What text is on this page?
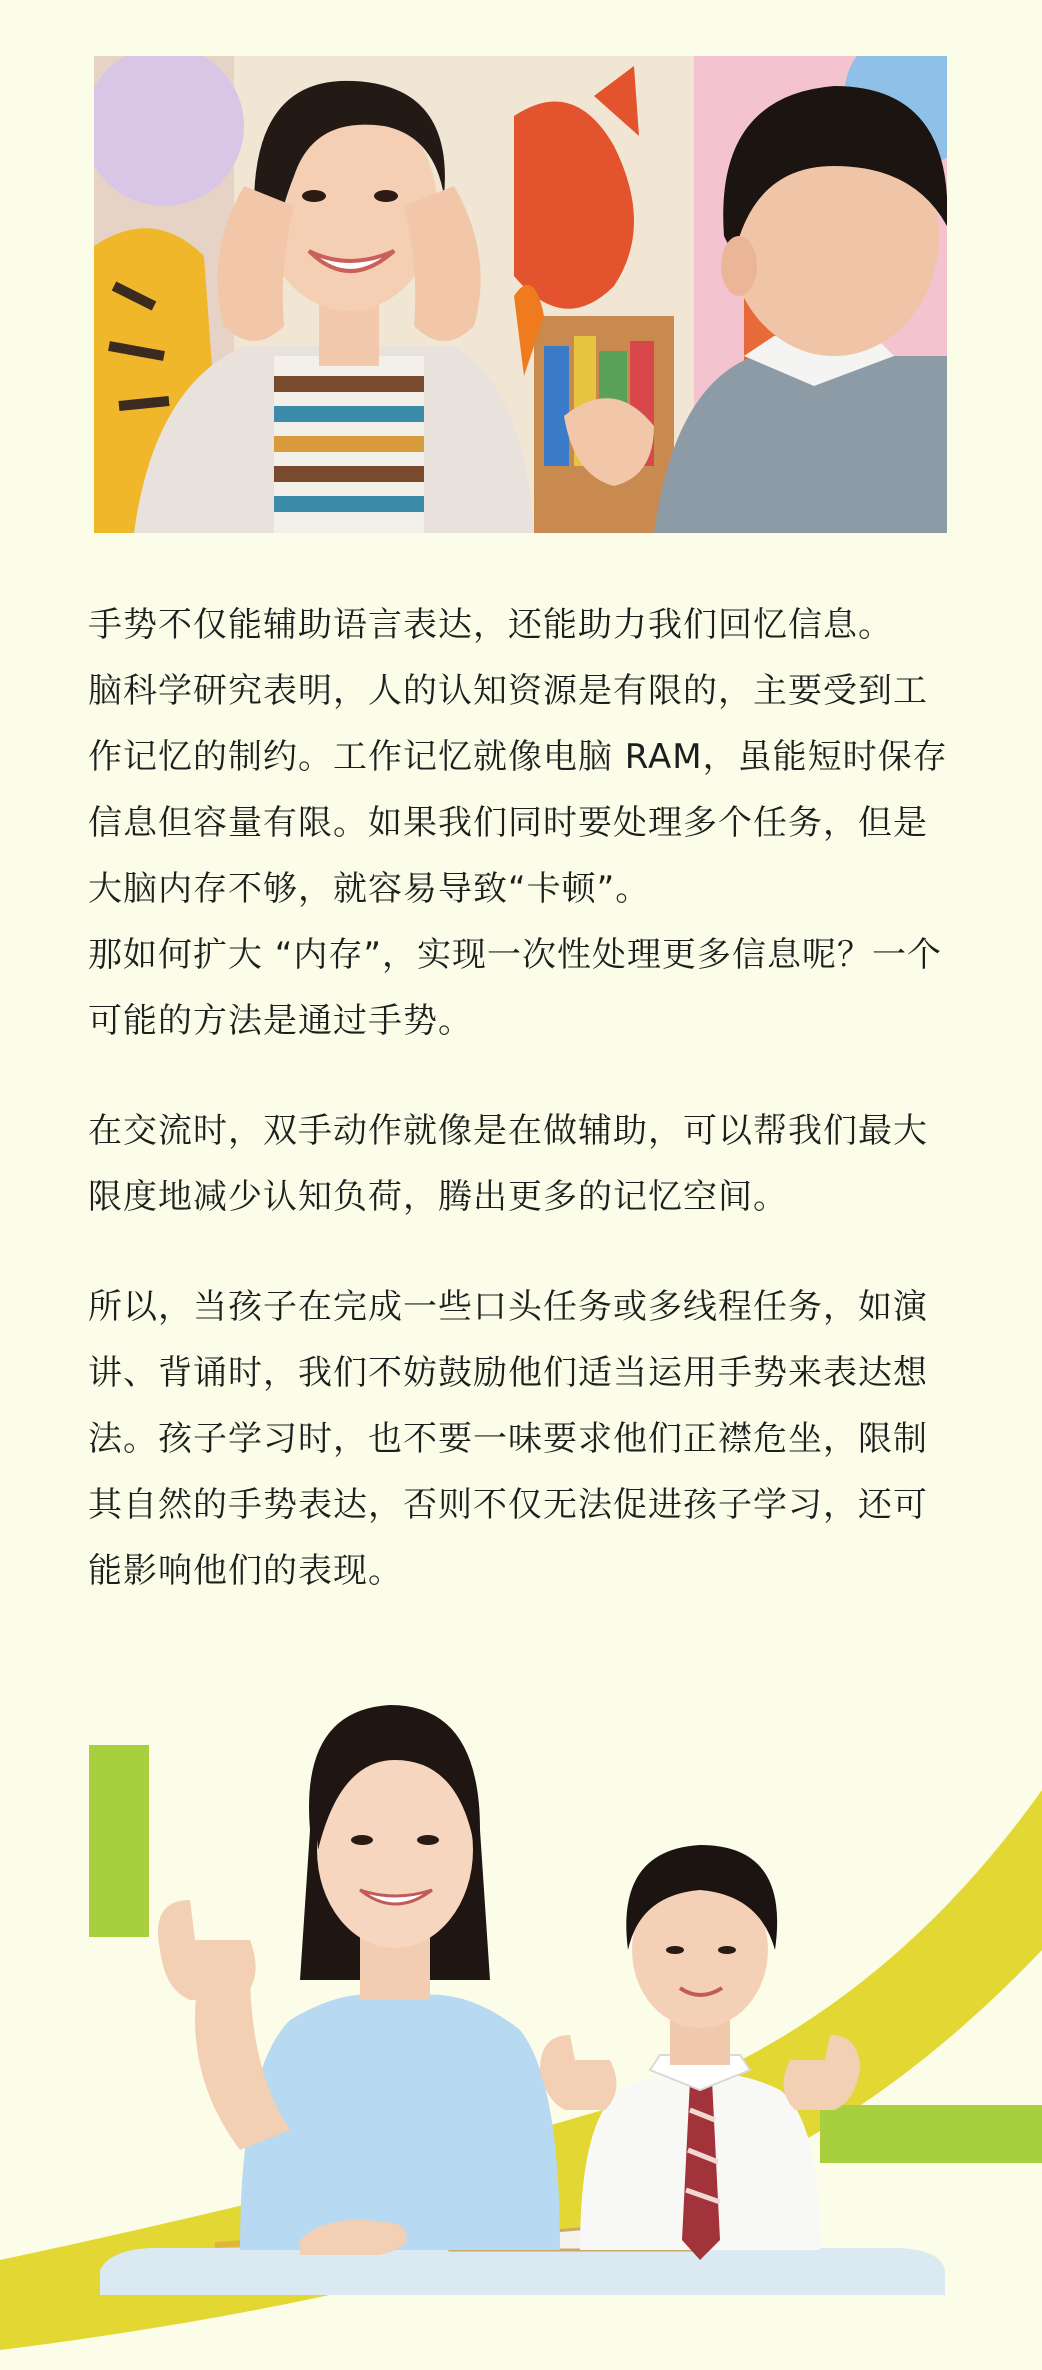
手势不仅能辅助语言表达，还能助力我们回忆信息。
脑科学研究表明，人的认知资源是有限的，主要受到工
作记忆的制约。工作记忆就像电脑 RAM，虽能短时保存
信息但容量有限。如果我们同时要处理多个任务，但是
大脑内存不够，就容易导致“卡顿”。
那如何扩大 “内存”，实现一次性处理更多信息呢？一个
可能的方法是通过手势。

在交流时，双手动作就像是在做辅助，可以帮我们最大
限度地减少认知负荷，腾出更多的记忆空间。

所以，当孩子在完成一些口头任务或多线程任务，如演
讲、背诵时，我们不妨鼓励他们适当运用手势来表达想
法。孩子学习时，也不要一味要求他们正襟危坐，限制
其自然的手势表达，否则不仅无法促进孩子学习，还可
能影响他们的表现。
